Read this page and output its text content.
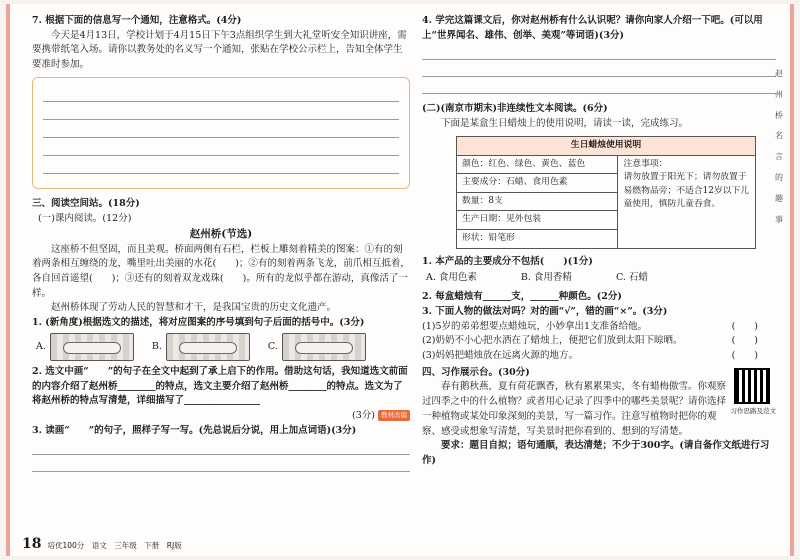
7. 根据下面的信息写一个通知，注意格式。(4分)

今天是4月13日，学校计划于4月15日下午3点组织学生到大礼堂听安全知识讲座，需要携带纸笔入场。请你以教务处的名义写一个通知，张贴在学校公示栏上，告知全体学生要准时参加。

三、阅读空间站。(18分)

(一)课内阅读。(12分)

赵州桥(节选)

这座桥不但坚固，而且美观。桥面两侧有石栏，栏板上雕刻着精美的图案：①有的刻着两条相互缠绕的龙，嘴里吐出美丽的水花(　　)；②有的刻着两条飞龙，前爪相互抵着，各自回首遥望(　　)；③还有的刻着双龙戏珠(　　)。所有的龙似乎都在游动，真像活了一样。

赵州桥体现了劳动人民的智慧和才干，是我国宝贵的历史文化遗产。

1. (新角度)根据选文的描述，将对应图案的序号填到句子后面的括号中。(3分)

A.	B.	C.

2. 选文中画“　　”的句子在全文中起到了承上启下的作用。借助这句话，我知道选文前面的内容介绍了赵州桥________的特点，选文主要介绍了赵州桥________的特点。选文为了将赵州桥的特点写清楚，详细描写了________________

(3分) 教材改编

3. 读画“　　”的句子，照样子写一写。(先总说后分说，用上加点词语)(3分)

4. 学完这篇课文后，你对赵州桥有什么认识呢？请你向家人介绍一下吧。(可以用上“世界闻名、雄伟、创举、美观”等词语)(3分)

(二)(南京市期末)非连续性文本阅读。(6分)

下面是某盒生日蜡烛上的使用说明，请读一读，完成练习。

生日蜡烛使用说明
颜色：红色、绿色、黄色、蓝色	注意事项：
请勿放置于阳光下；请勿放置于易燃物品旁；不适合12岁以下儿童使用，慎防儿童吞食。
主要成分：石蜡、食用色素
数量：8支
生产日期：见外包装
形状：铅笔形

1. 本产品的主要成分不包括(　　)(1分)

A. 食用色素	B. 食用香精	C. 石蜡

2. 每盒蜡烛有______支，______种颜色。(2分)

3. 下面人物的做法对吗？对的画“√”，错的画“×”。(3分)

(1)5岁的弟弟想要点蜡烛玩，小妙拿出1支准备给他。	(　　)
(2)奶奶不小心把水洒在了蜡烛上，便把它们放到太阳下晾晒。	(　　)
(3)妈妈把蜡烛放在远离火源的地方。	(　　)

四、习作展示台。(30分)

春有鹅秋燕，夏有荷花飘香，秋有累累果实，冬有蜡梅傲雪。你观察过四季之中的什么植物？或者用心记录了四季中的哪些美景呢？请你选择一种植物或某处印象深刻的美景，写一篇习作。注意写植物时把你的观察、感受或想象写清楚，写美景时把你看到的、想到的写清楚。

习作思路及范文

要求：题目自拟；语句通顺，表达清楚；不少于300字。(请自备作文纸进行习作)

18 培优100分　语文　三年级　下册　RJ版
赵
州
桥
名
言
的
趣
事
